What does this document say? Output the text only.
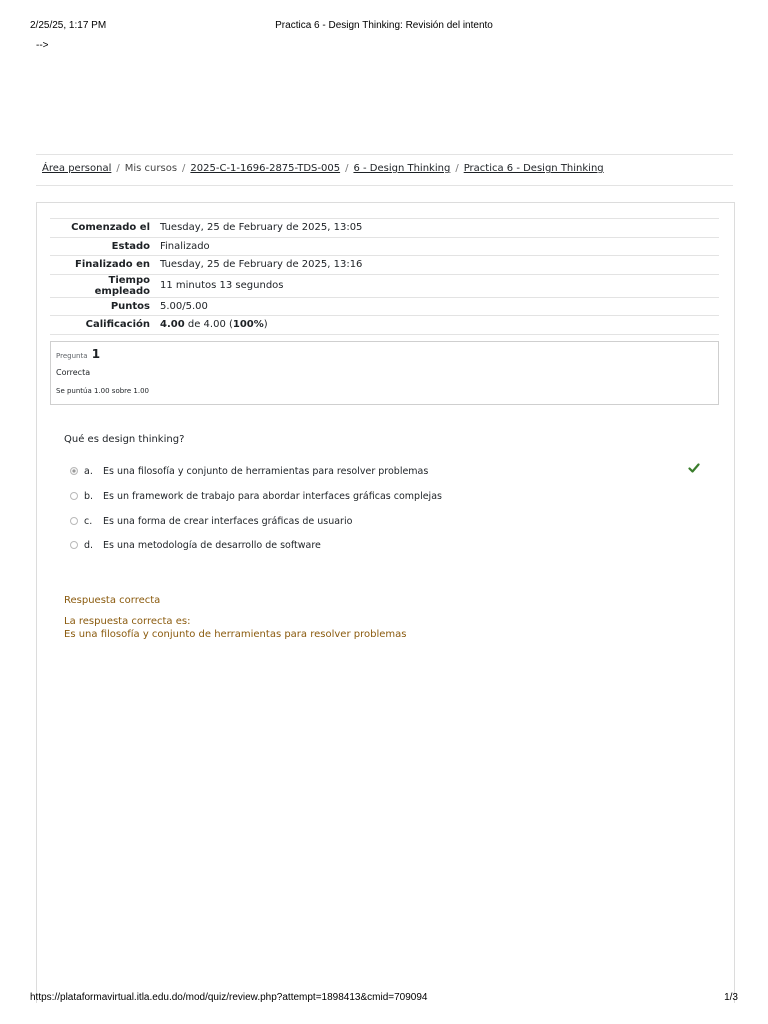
2/25/25, 1:17 PM	Practica 6 - Design Thinking: Revisión del intento
-->
Área personal / Mis cursos / 2025-C-1-1696-2875-TDS-005 / 6 - Design Thinking / Practica 6 - Design Thinking
Comenzado el	Tuesday, 25 de February de 2025, 13:05
Estado	Finalizado
Finalizado en	Tuesday, 25 de February de 2025, 13:16
Tiempo empleado	11 minutos 13 segundos
Puntos	5.00/5.00
Calificación	4.00 de 4.00 (100%)
Pregunta 1
Correcta
Se puntúa 1.00 sobre 1.00
Qué es design thinking?
a. Es una filosofía y conjunto de herramientas para resolver problemas
b. Es un framework de trabajo para abordar interfaces gráficas complejas
c. Es una forma de crear interfaces gráficas de usuario
d. Es una metodología de desarrollo de software
Respuesta correcta
La respuesta correcta es:
Es una filosofía y conjunto de herramientas para resolver problemas
https://plataformavirtual.itla.edu.do/mod/quiz/review.php?attempt=1898413&cmid=709094	1/3
